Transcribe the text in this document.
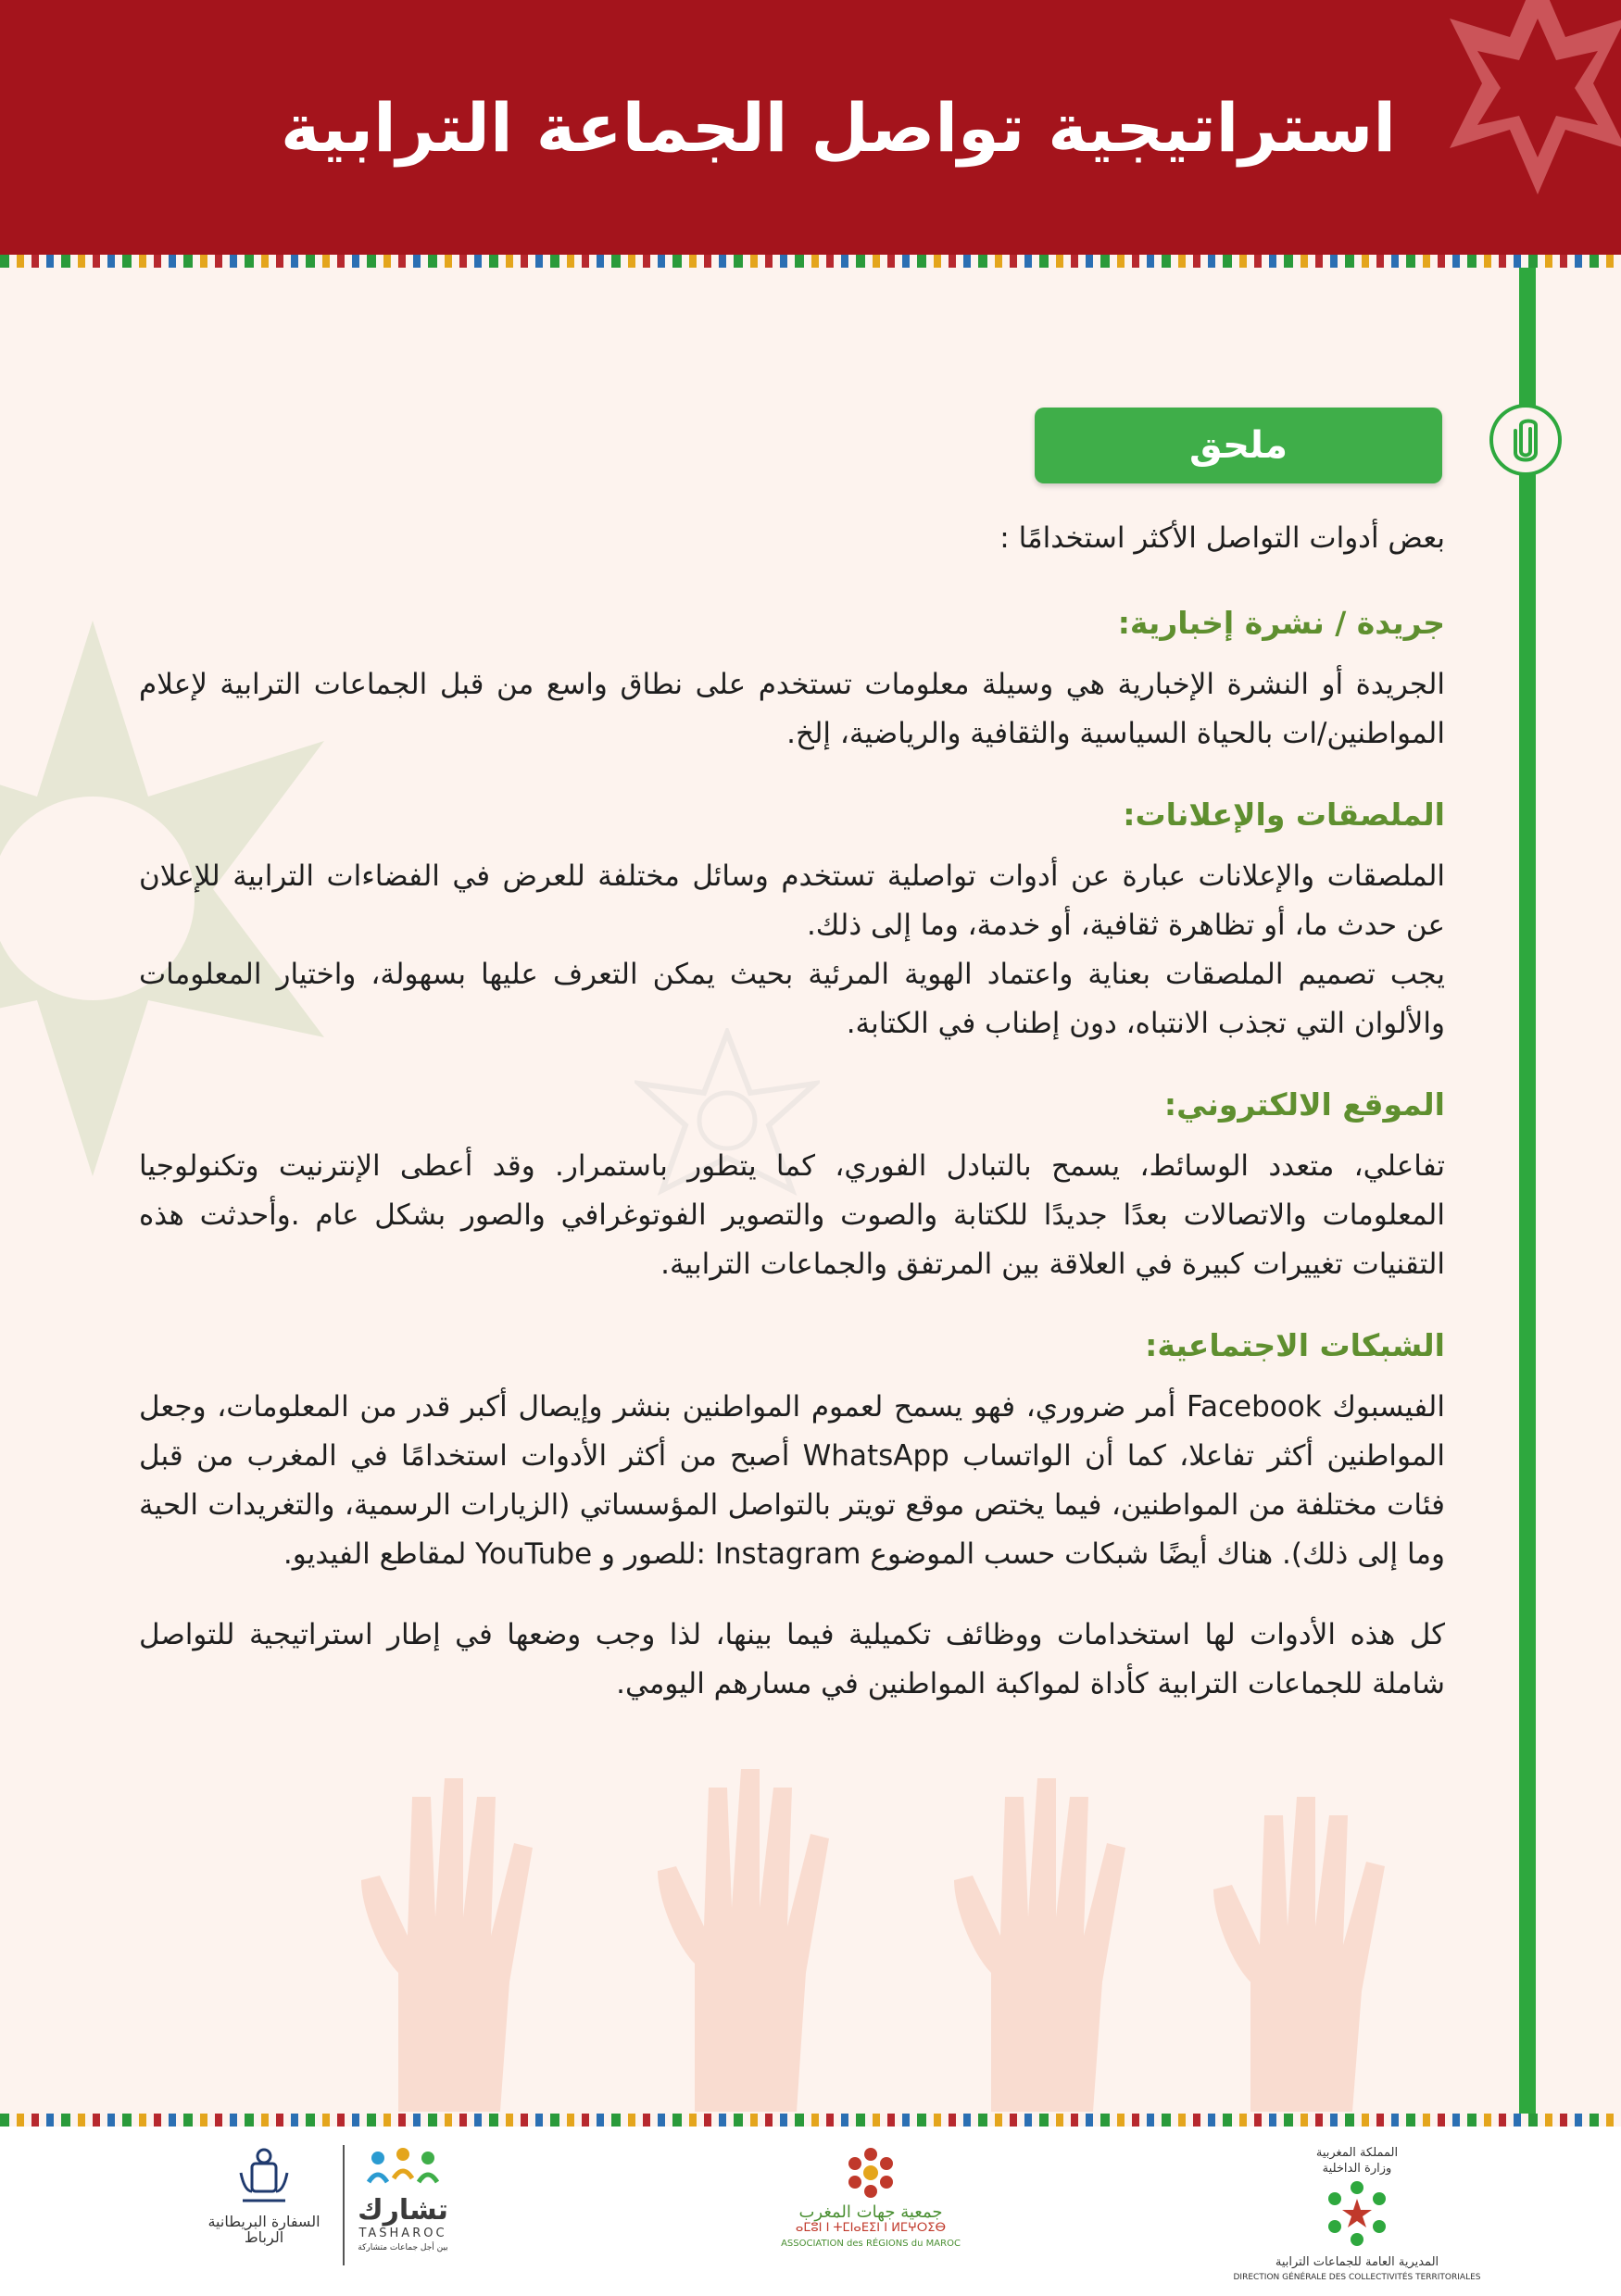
استراتيجية تواصل الجماعة الترابية
ملحق

بعض أدوات التواصل الأكثر استخدامًا :

جريدة / نشرة إخبارية:

الجريدة أو النشرة الإخبارية هي وسيلة معلومات تستخدم على نطاق واسع من قبل الجماعات الترابية لإعلام المواطنين/ات بالحياة السياسية والثقافية والرياضية، إلخ.

الملصقات والإعلانات:

الملصقات والإعلانات عبارة عن أدوات تواصلية تستخدم وسائل مختلفة للعرض في الفضاءات الترابية للإعلان عن حدث ما، أو تظاهرة ثقافية، أو خدمة، وما إلى ذلك.

يجب تصميم الملصقات بعناية واعتماد الهوية المرئية بحيث يمكن التعرف عليها بسهولة، واختيار المعلومات والألوان التي تجذب الانتباه، دون إطناب في الكتابة.

الموقع الالكتروني:

تفاعلي، متعدد الوسائط، يسمح بالتبادل الفوري، كما يتطور باستمرار. وقد أعطى الإنترنيت وتكنولوجيا المعلومات والاتصالات بعدًا جديدًا للكتابة والصوت والتصوير الفوتوغرافي والصور بشكل عام .وأحدثت هذه التقنيات تغييرات كبيرة في العلاقة بين المرتفق والجماعات الترابية.

الشبكات الاجتماعية:

الفيسبوك Facebook أمر ضروري، فهو يسمح لعموم المواطنين بنشر وإيصال أكبر قدر من المعلومات، وجعل المواطنين أكثر تفاعلا، كما أن الواتساب WhatsApp أصبح من أكثر الأدوات استخدامًا في المغرب من قبل فئات مختلفة من المواطنين، فيما يختص موقع تويتر بالتواصل المؤسساتي (الزيارات الرسمية، والتغريدات الحية وما إلى ذلك). هناك أيضًا شبكات حسب الموضوع Instagram :للصور و YouTube لمقاطع الفيديو.

كل هذه الأدوات لها استخدامات ووظائف تكميلية فيما بينها، لذا وجب وضعها في إطار استراتيجية للتواصل شاملة للجماعات الترابية كأداة لمواكبة المواطنين في مسارهم اليومي.

المملكة المغربية
وزارة الداخلية
المديرية العامة للجماعات الترابية
DIRECTION GÉNÉRALE DES COLLECTIVITÉS TERRITORIALES
جمعية جهات المغرب
ⴰⵎⵓⵏ ⵏ ⵜⵎⵏⴰⴹⵉⵏ ⵏ ⵍⵎⵖⵔⵉⴱ
ASSOCIATION des RÉGIONS du MAROC
تشارك
TASHAROC
بين أجل جماعات متشاركة
السفارة البريطانية
الرباط
